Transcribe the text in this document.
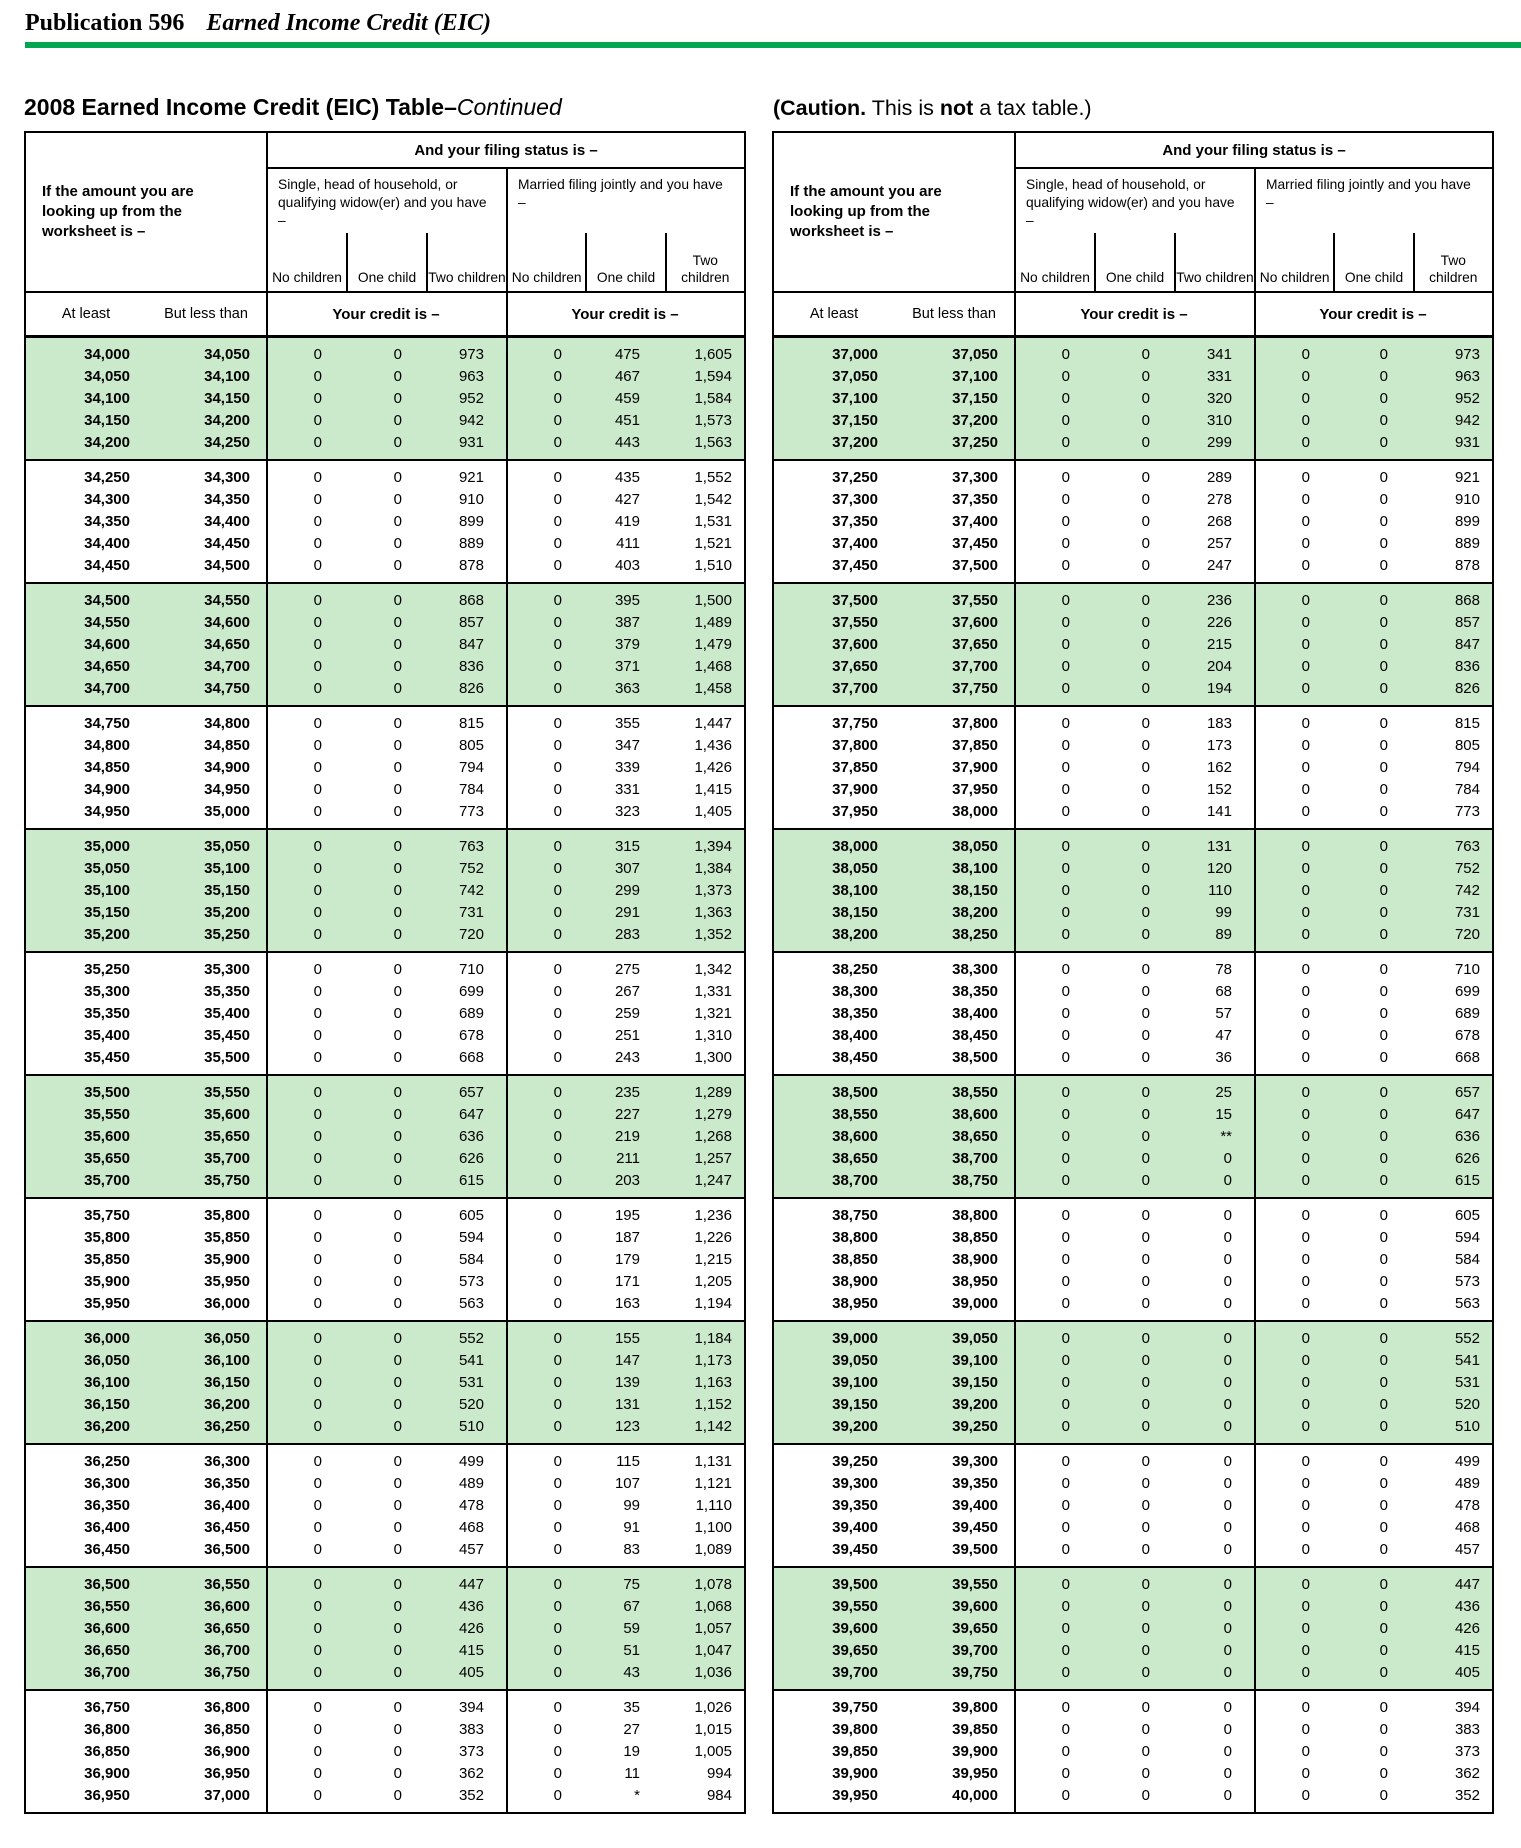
Publication 596 Earned Income Credit (EIC)
2008 Earned Income Credit (EIC) Table–Continued	(Caution. This is not a tax table.)
If the amount you are looking up from the worksheet is –
And your filing status is –
Single, head of household, or qualifying widow(er) and you have –
No children	One child Two children
Married filing jointly and you have –
No children	One child
Two children
At least	But less than	Your credit is –	Your credit is –
34,000	34,050	0	0	973	0	475	1,605
34,050	34,100	0	0	963	0	467	1,594
34,100	34,150	0	0	952	0	459	1,584
34,150	34,200	0	0	942	0	451	1,573
34,200	34,250	0	0	931	0	443	1,563
34,250	34,300	0	0	921	0	435	1,552
34,300	34,350	0	0	910	0	427	1,542
34,350	34,400	0	0	899	0	419	1,531
34,400	34,450	0	0	889	0	411	1,521
34,450	34,500	0	0	878	0	403	1,510
34,500	34,550	0	0	868	0	395	1,500
34,550	34,600	0	0	857	0	387	1,489
34,600	34,650	0	0	847	0	379	1,479
34,650	34,700	0	0	836	0	371	1,468
34,700	34,750	0	0	826	0	363	1,458
34,750	34,800	0	0	815	0	355	1,447
34,800	34,850	0	0	805	0	347	1,436
34,850	34,900	0	0	794	0	339	1,426
34,900	34,950	0	0	784	0	331	1,415
34,950	35,000	0	0	773	0	323	1,405
35,000	35,050	0	0	763	0	315	1,394
35,050	35,100	0	0	752	0	307	1,384
35,100	35,150	0	0	742	0	299	1,373
35,150	35,200	0	0	731	0	291	1,363
35,200	35,250	0	0	720	0	283	1,352
35,250	35,300	0	0	710	0	275	1,342
35,300	35,350	0	0	699	0	267	1,331
35,350	35,400	0	0	689	0	259	1,321
35,400	35,450	0	0	678	0	251	1,310
35,450	35,500	0	0	668	0	243	1,300
35,500	35,550	0	0	657	0	235	1,289
35,550	35,600	0	0	647	0	227	1,279
35,600	35,650	0	0	636	0	219	1,268
35,650	35,700	0	0	626	0	211	1,257
35,700	35,750	0	0	615	0	203	1,247
35,750	35,800	0	0	605	0	195	1,236
35,800	35,850	0	0	594	0	187	1,226
35,850	35,900	0	0	584	0	179	1,215
35,900	35,950	0	0	573	0	171	1,205
35,950	36,000	0	0	563	0	163	1,194
36,000	36,050	0	0	552	0	155	1,184
36,050	36,100	0	0	541	0	147	1,173
36,100	36,150	0	0	531	0	139	1,163
36,150	36,200	0	0	520	0	131	1,152
36,200	36,250	0	0	510	0	123	1,142
36,250	36,300	0	0	499	0	115	1,131
36,300	36,350	0	0	489	0	107	1,121
36,350	36,400	0	0	478	0	99	1,110
36,400	36,450	0	0	468	0	91	1,100
36,450	36,500	0	0	457	0	83	1,089
36,500	36,550	0	0	447	0	75	1,078
36,550	36,600	0	0	436	0	67	1,068
36,600	36,650	0	0	426	0	59	1,057
36,650	36,700	0	0	415	0	51	1,047
36,700	36,750	0	0	405	0	43	1,036
36,750	36,800	0	0	394	0	35	1,026
36,800	36,850	0	0	383	0	27	1,015
36,850	36,900	0	0	373	0	19	1,005
36,900	36,950	0	0	362	0	11	994
36,950	37,000	0	0	352	0	*	984
If the amount you are looking up from the worksheet is –
And your filing status is –
Single, head of household, or qualifying widow(er) and you have –
No children	One child Two children
Married filing jointly and you have –
No children	One child
Two children
At least	But less than	Your credit is –	Your credit is –
37,000	37,050	0	0	341	0	0	973
37,050	37,100	0	0	331	0	0	963
37,100	37,150	0	0	320	0	0	952
37,150	37,200	0	0	310	0	0	942
37,200	37,250	0	0	299	0	0	931
37,250	37,300	0	0	289	0	0	921
37,300	37,350	0	0	278	0	0	910
37,350	37,400	0	0	268	0	0	899
37,400	37,450	0	0	257	0	0	889
37,450	37,500	0	0	247	0	0	878
37,500	37,550	0	0	236	0	0	868
37,550	37,600	0	0	226	0	0	857
37,600	37,650	0	0	215	0	0	847
37,650	37,700	0	0	204	0	0	836
37,700	37,750	0	0	194	0	0	826
37,750	37,800	0	0	183	0	0	815
37,800	37,850	0	0	173	0	0	805
37,850	37,900	0	0	162	0	0	794
37,900	37,950	0	0	152	0	0	784
37,950	38,000	0	0	141	0	0	773
38,000	38,050	0	0	131	0	0	763
38,050	38,100	0	0	120	0	0	752
38,100	38,150	0	0	110	0	0	742
38,150	38,200	0	0	99	0	0	731
38,200	38,250	0	0	89	0	0	720
38,250	38,300	0	0	78	0	0	710
38,300	38,350	0	0	68	0	0	699
38,350	38,400	0	0	57	0	0	689
38,400	38,450	0	0	47	0	0	678
38,450	38,500	0	0	36	0	0	668
38,500	38,550	0	0	25	0	0	657
38,550	38,600	0	0	15	0	0	647
38,600	38,650	0	0	**	0	0	636
38,650	38,700	0	0	0	0	0	626
38,700	38,750	0	0	0	0	0	615
38,750	38,800	0	0	0	0	0	605
38,800	38,850	0	0	0	0	0	594
38,850	38,900	0	0	0	0	0	584
38,900	38,950	0	0	0	0	0	573
38,950	39,000	0	0	0	0	0	563
39,000	39,050	0	0	0	0	0	552
39,050	39,100	0	0	0	0	0	541
39,100	39,150	0	0	0	0	0	531
39,150	39,200	0	0	0	0	0	520
39,200	39,250	0	0	0	0	0	510
39,250	39,300	0	0	0	0	0	499
39,300	39,350	0	0	0	0	0	489
39,350	39,400	0	0	0	0	0	478
39,400	39,450	0	0	0	0	0	468
39,450	39,500	0	0	0	0	0	457
39,500	39,550	0	0	0	0	0	447
39,550	39,600	0	0	0	0	0	436
39,600	39,650	0	0	0	0	0	426
39,650	39,700	0	0	0	0	0	415
39,700	39,750	0	0	0	0	0	405
39,750	39,800	0	0	0	0	0	394
39,800	39,850	0	0	0	0	0	383
39,850	39,900	0	0	0	0	0	373
39,900	39,950	0	0	0	0	0	362
39,950	40,000	0	0	0	0	0	352
